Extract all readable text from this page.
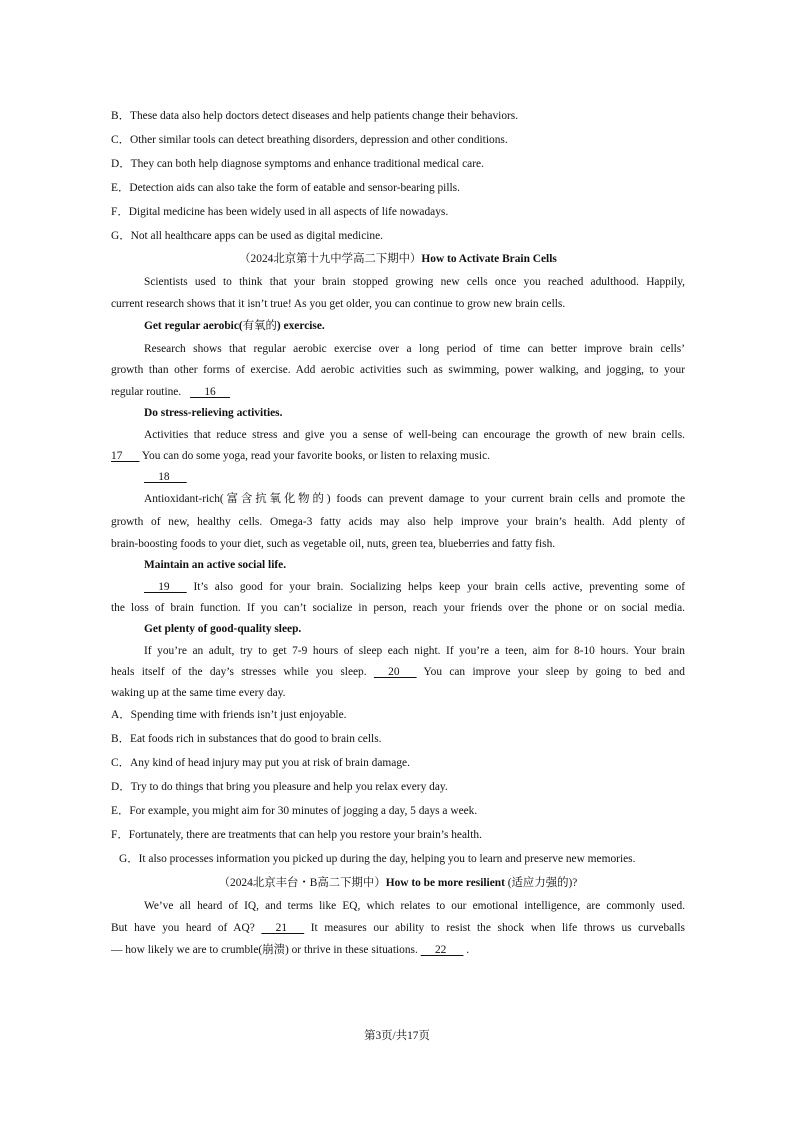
B．These data also help doctors detect diseases and help patients change their behaviors.
C．Other similar tools can detect breathing disorders, depression and other conditions.
D．They can both help diagnose symptoms and enhance traditional medical care.
E．Detection aids can also take the form of eatable and sensor-bearing pills.
F．Digital medicine has been widely used in all aspects of life nowadays.
G．Not all healthcare apps can be used as digital medicine.
（2024北京第十九中学高二下期中）How to Activate Brain Cells
Scientists used to think that your brain stopped growing new cells once you reached adulthood. Happily,
current research shows that it isn’t true! As you get older, you can continue to grow new brain cells.
Get regular aerobic(有氧的) exercise.
Research shows that regular aerobic exercise over a long period of time can better improve brain cells’
growth than other forms of exercise. Add aerobic activities such as swimming, power walking, and jogging, to your
regular routine.      16
Do stress-relieving activities.
Activities that reduce stress and give you a sense of well-being can encourage the growth of new brain cells.
17       You can do some yoga, read your favorite books, or listen to relaxing music.
18
Antioxidant-rich(富含抗氧化物的) foods can prevent damage to your current brain cells and promote the
growth of new, healthy cells. Omega-3 fatty acids may also help improve your brain’s health. Add plenty of
brain-boosting foods to your diet, such as vegetable oil, nuts, green tea, blueberries and fatty fish.
Maintain an active social life.
19       It’s also good for your brain. Socializing helps keep your brain cells active, preventing some of
the loss of brain function. If you can’t socialize in person, reach your friends over the phone or on social media.
Get plenty of good-quality sleep.
If you’re an adult, try to get 7-9 hours of sleep each night. If you’re a teen, aim for 8-10 hours. Your brain
heals itself of the day’s stresses while you sleep.      20       You can improve your sleep by going to bed and
waking up at the same time every day.
A．Spending time with friends isn’t just enjoyable.
B．Eat foods rich in substances that do good to brain cells.
C．Any kind of head injury may put you at risk of brain damage.
D．Try to do things that bring you pleasure and help you relax every day.
E．For example, you might aim for 30 minutes of jogging a day, 5 days a week.
F．Fortunately, there are treatments that can help you restore your brain’s health.
G．It also processes information you picked up during the day, helping you to learn and preserve new memories.
（2024北京丰台・B高二下期中）How to be more resilient (适应力强的)?
We’ve all heard of IQ, and terms like EQ, which relates to our emotional intelligence, are commonly used.
But have you heard of AQ?      21       It measures our ability to resist the shock when life throws us curveballs
— how likely we are to crumble(崩溃) or thrive in these situations.      22       .
第3页/共17页
